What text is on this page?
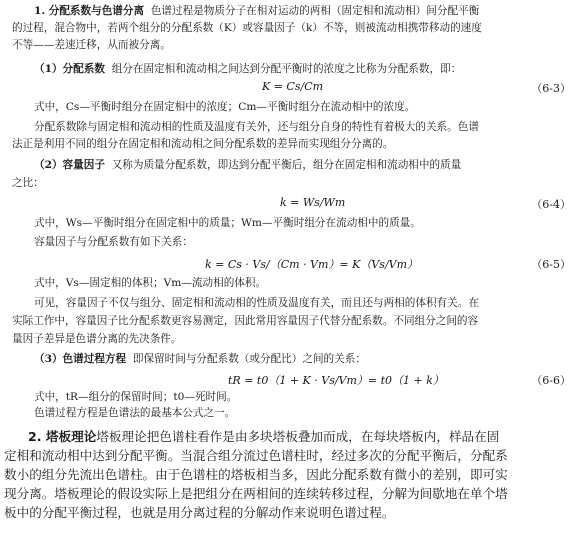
1. 分配系数与色谱分离 色谱过程是物质分子在相对运动的两相（固定相和流动相）间分配平衡
的过程，混合物中，若两个组分的分配系数（K）或容量因子（k）不等，则被流动相携带移动的速度
不等——差速迁移，从而被分离。
（1）分配系数 组分在固定相和流动相之间达到分配平衡时的浓度之比称为分配系数，即：
K = Cs/Cm	（6-3）
式中，Cs—平衡时组分在固定相中的浓度；Cm—平衡时组分在流动相中的浓度。
分配系数除与固定相和流动相的性质及温度有关外，还与组分自身的特性有着极大的关系。色谱
法正是利用不同的组分在固定相和流动相之间分配系数的差异而实现组分分离的。
（2）容量因子 又称为质量分配系数，即达到分配平衡后，组分在固定相和流动相中的质量
之比：
k = Ws/Wm	（6-4）
式中，Ws—平衡时组分在固定相中的质量；Wm—平衡时组分在流动相中的质量。
容量因子与分配系数有如下关系：
k = Cs · Vs/（Cm · Vm）= K（Vs/Vm）	（6-5）
式中，Vs—固定相的体积；Vm—流动相的体积。
可见，容量因子不仅与组分、固定相和流动相的性质及温度有关，而且还与两相的体积有关。在
实际工作中，容量因子比分配系数更容易测定，因此常用容量因子代替分配系数。不同组分之间的容
量因子差异是色谱分离的先决条件。
（3）色谱过程方程 即保留时间与分配系数（或分配比）之间的关系：
tR = t0（1 + K · Vs/Vm）= t0（1 + k）	（6-6）
式中，tR—组分的保留时间；t0—死时间。
色谱过程方程是色谱法的最基本公式之一。
2. 塔板理论塔板理论把色谱柱看作是由多块塔板叠加而成，在每块塔板内，样品在固
定相和流动相中达到分配平衡。当混合组分流过色谱柱时，经过多次的分配平衡后，分配系
数小的组分先流出色谱柱。由于色谱柱的塔板相当多，因此分配系数有微小的差别，即可实
现分离。塔板理论的假设实际上是把组分在两相间的连续转移过程，分解为间歇地在单个塔
板中的分配平衡过程，也就是用分离过程的分解动作来说明色谱过程。
